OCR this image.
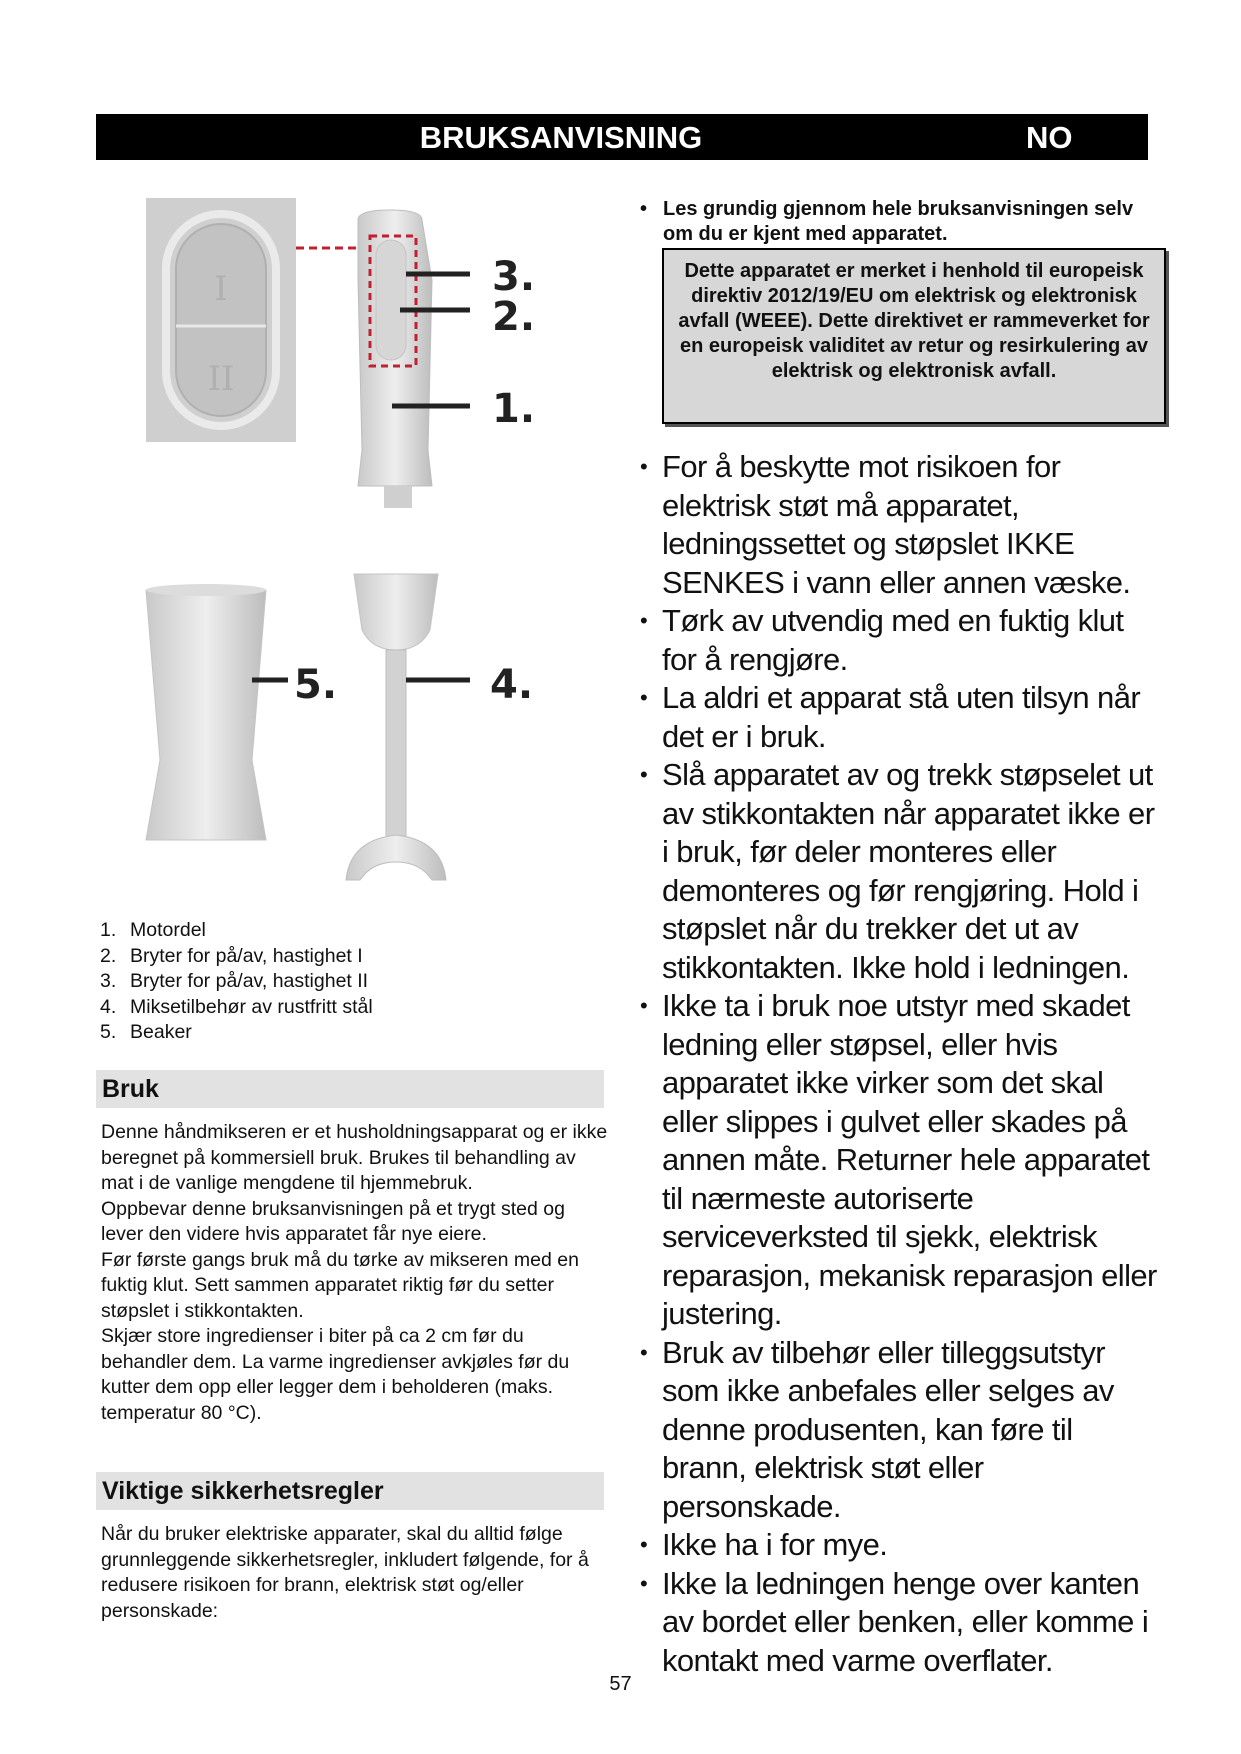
BRUKSANVISNING	NO
I
II
3.
2.
1.
5.	4.
1. Motordel
2. Bryter for på/av, hastighet I
3. Bryter for på/av, hastighet II
4. Miksetilbehør av rustfritt stål
5. Beaker
Bruk

Denne håndmikseren er et husholdningsapparat og er ikke beregnet på kommersiell bruk. Brukes til behandling av mat i de vanlige mengdene til hjemmebruk.

Oppbevar denne bruksanvisningen på et trygt sted og lever den videre hvis apparatet får nye eiere.

Før første gangs bruk må du tørke av mikseren med en fuktig klut. Sett sammen apparatet riktig før du setter støpslet i stikkontakten.

Skjær store ingredienser i biter på ca 2 cm før du behandler dem. La varme ingredienser avkjøles før du kutter dem opp eller legger dem i beholderen (maks. temperatur 80 °C).

Viktige sikkerhetsregler

Når du bruker elektriske apparater, skal du alltid følge grunnleggende sikkerhetsregler, inkludert følgende, for å redusere risikoen for brann, elektrisk støt og/eller personskade:

• Les grundig gjennom hele bruksanvisningen selv om du er kjent med apparatet.
Dette apparatet er merket i henhold til europeisk direktiv 2012/19/EU om elektrisk og elektronisk avfall (WEEE). Dette direktivet er rammeverket for en europeisk validitet av retur og resirkulering av elektrisk og elektronisk avfall.
• For å beskytte mot risikoen for elektrisk støt må apparatet, ledningssettet og støpslet IKKE SENKES i vann eller annen væske.
• Tørk av utvendig med en fuktig klut for å rengjøre.
• La aldri et apparat stå uten tilsyn når det er i bruk.
• Slå apparatet av og trekk støpselet ut av stikkontakten når apparatet ikke er i bruk, før deler monteres eller demonteres og før rengjøring. Hold i støpslet når du trekker det ut av stikkontakten. Ikke hold i ledningen.
• Ikke ta i bruk noe utstyr med skadet ledning eller støpsel, eller hvis apparatet ikke virker som det skal eller slippes i gulvet eller skades på annen måte. Returner hele apparatet til nærmeste autoriserte serviceverksted til sjekk, elektrisk reparasjon, mekanisk reparasjon eller justering.
• Bruk av tilbehør eller tilleggsutstyr som ikke anbefales eller selges av denne produsenten, kan føre til brann, elektrisk støt eller personskade.
• Ikke ha i for mye.
• Ikke la ledningen henge over kanten av bordet eller benken, eller komme i kontakt med varme overflater.
57
